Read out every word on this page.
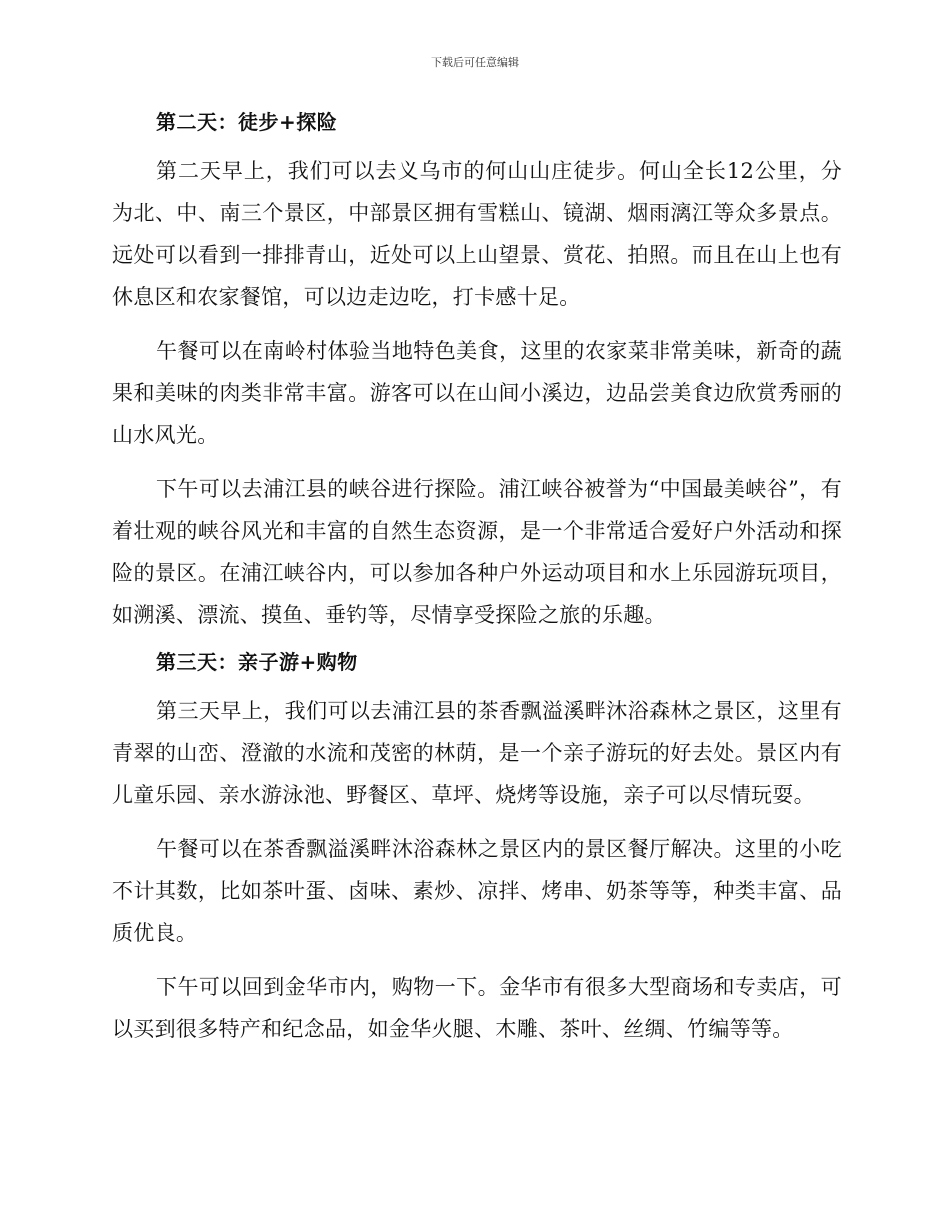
下载后可任意编辑

第二天：徒步+探险

第二天早上，我们可以去义乌市的何山山庄徒步。何山全长12公里，分为北、中、南三个景区，中部景区拥有雪糕山、镜湖、烟雨漓江等众多景点。远处可以看到一排排青山，近处可以上山望景、赏花、拍照。而且在山上也有休息区和农家餐馆，可以边走边吃，打卡感十足。

午餐可以在南岭村体验当地特色美食，这里的农家菜非常美味，新奇的蔬果和美味的肉类非常丰富。游客可以在山间小溪边，边品尝美食边欣赏秀丽的山水风光。

下午可以去浦江县的峡谷进行探险。浦江峡谷被誉为“中国最美峡谷”，有着壮观的峡谷风光和丰富的自然生态资源，是一个非常适合爱好户外活动和探险的景区。在浦江峡谷内，可以参加各种户外运动项目和水上乐园游玩项目，如溯溪、漂流、摸鱼、垂钓等，尽情享受探险之旅的乐趣。

第三天：亲子游+购物

第三天早上，我们可以去浦江县的茶香飘溢溪畔沐浴森林之景区，这里有青翠的山峦、澄澈的水流和茂密的林荫，是一个亲子游玩的好去处。景区内有儿童乐园、亲水游泳池、野餐区、草坪、烧烤等设施，亲子可以尽情玩耍。

午餐可以在茶香飘溢溪畔沐浴森林之景区内的景区餐厅解决。这里的小吃不计其数，比如茶叶蛋、卤味、素炒、凉拌、烤串、奶茶等等，种类丰富、品质优良。

下午可以回到金华市内，购物一下。金华市有很多大型商场和专卖店，可以买到很多特产和纪念品，如金华火腿、木雕、茶叶、丝绸、竹编等等。
